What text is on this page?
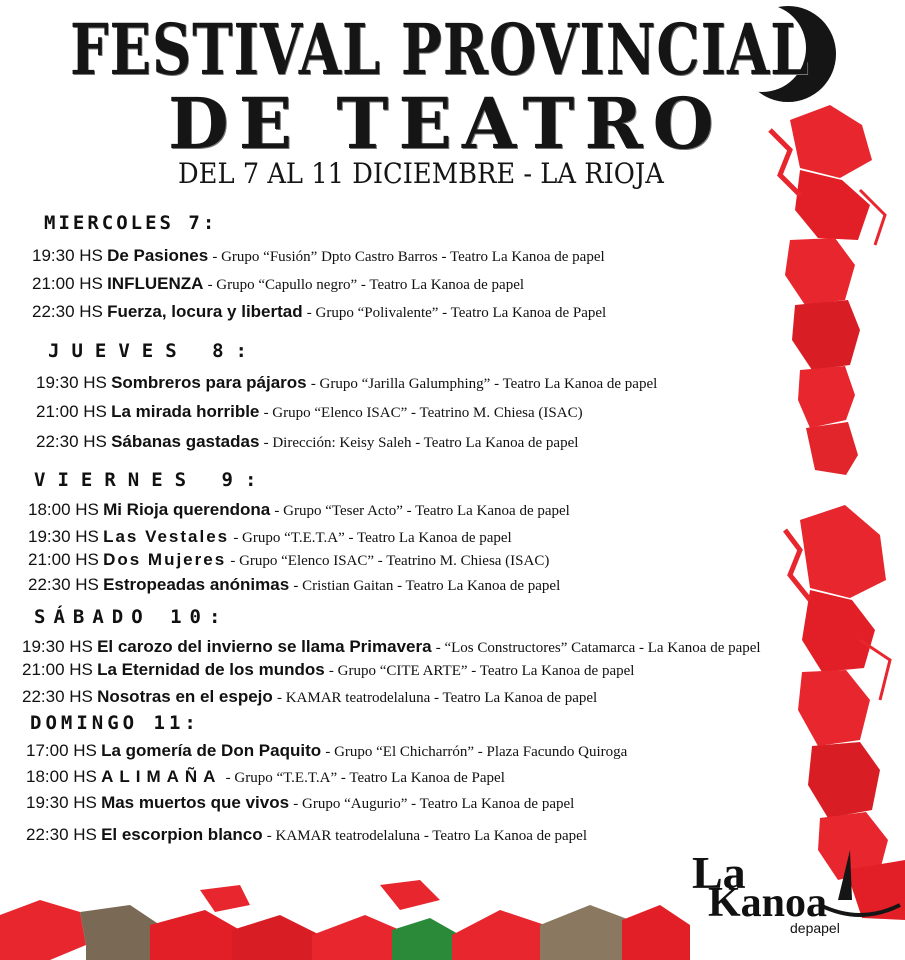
FESTIVAL PROVINCIAL
DE TEATRO
DEL 7 AL 11 DICIEMBRE - LA RIOJA
MIERCOLES 7:
19:30 HS De Pasiones - Grupo “Fusión” Dpto Castro Barros - Teatro La Kanoa de papel
21:00 HS INFLUENZA - Grupo “Capullo negro” - Teatro La Kanoa de papel
22:30 HS Fuerza, locura y libertad - Grupo “Polivalente” - Teatro La Kanoa de Papel
JUEVES 8:
19:30 HS Sombreros para pájaros - Grupo “Jarilla Galumphing” - Teatro La Kanoa de papel
21:00 HS La mirada horrible - Grupo “Elenco ISAC” - Teatrino M. Chiesa (ISAC)
22:30 HS Sábanas gastadas - Dirección: Keisy Saleh - Teatro La Kanoa de papel
VIERNES 9:
18:00 HS Mi Rioja querendona - Grupo “Teser Acto” - Teatro La Kanoa de papel
19:30 HS Las Vestales - Grupo “T.E.T.A” - Teatro La Kanoa de papel
21:00 HS Dos Mujeres - Grupo “Elenco ISAC” - Teatrino M. Chiesa (ISAC)
22:30 HS Estropeadas anónimas - Cristian Gaitan - Teatro La Kanoa de papel
SÁBADO 10:
19:30 HS El carozo del invierno se llama Primavera - “Los Constructores” Catamarca - La Kanoa de papel
21:00 HS La Eternidad de los mundos - Grupo “CITE ARTE” - Teatro La Kanoa de papel
22:30 HS Nosotras en el espejo - KAMAR teatrodelaluna - Teatro La Kanoa de papel
DOMINGO 11:
17:00 HS La gomería de Don Paquito - Grupo “El Chicharrón” - Plaza Facundo Quiroga
18:00 HS ALIMAÑA - Grupo “T.E.T.A” - Teatro La Kanoa de Papel
19:30 HS Mas muertos que vivos - Grupo “Augurio” - Teatro La Kanoa de papel
22:30 HS El escorpion blanco - KAMAR teatrodelaluna - Teatro La Kanoa de papel
La
Kanoa
depapel
